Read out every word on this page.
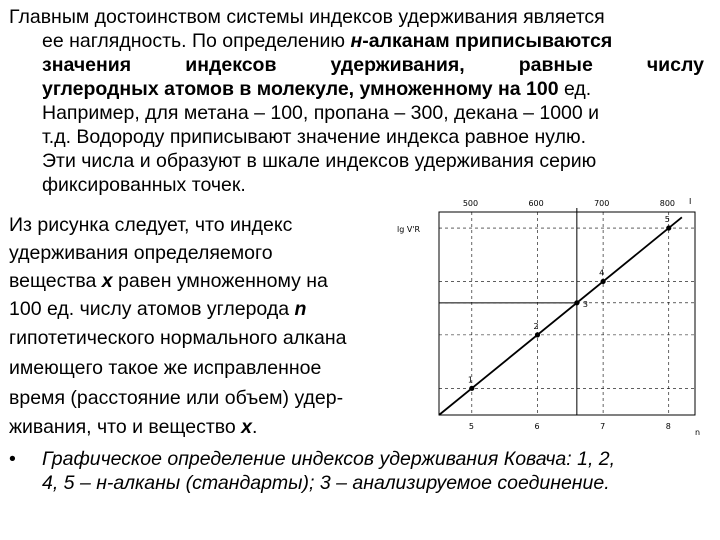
Главным достоинством системы индексов удерживания является
ее наглядность. По определению н-алканам приписываются
значения индексов удерживания, равные числу
углеродных атомов в молекуле, умноженному на 100 ед.
Например, для метана – 100, пропана – 300, декана – 1000 и
т.д. Водороду приписывают значение индекса равное нулю.
Эти числа и образуют в шкале индексов удерживания серию
фиксированных точек.
Из рисунка следует, что индекс
удерживания определяемого
вещества x равен умноженному на
100 ед. числу атомов углерода n
гипотетического нормального алкана
имеющего такое же исправленное
время (расстояние или объем) удер-
живания, что и вещество x.
• Графическое определение индексов удерживания Ковача: 1, 2,
4, 5 – н-алканы (стандарты); 3 – анализируемое соединение.
5
500
6
600
7
700
8
800
1
2
3
4
5
lg V'R
I
n
